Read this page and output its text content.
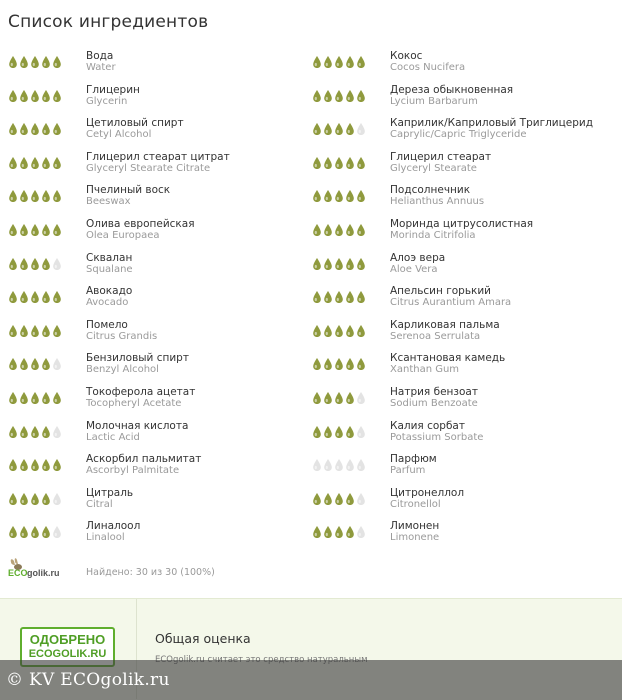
Список ингредиентов
Вода
Water
Глицерин
Glycerin
Цетиловый спирт
Cetyl Alcohol
Глицерил стеарат цитрат
Glyceryl Stearate Citrate
Пчелиный воск
Beeswax
Олива европейская
Olea Europaea
Сквалан
Squalane
Авокадо
Avocado
Помело
Citrus Grandis
Бензиловый спирт
Benzyl Alcohol
Токоферола ацетат
Tocopheryl Acetate
Молочная кислота
Lactic Acid
Аскорбил пальмитат
Ascorbyl Palmitate
Цитраль
Citral
Линалоол
Linalool
Кокос
Cocos Nucifera
Дереза обыкновенная
Lycium Barbarum
Каприлик/Каприловый Триглицерид
Caprylic/Capric Triglyceride
Глицерил стеарат
Glyceryl Stearate
Подсолнечник
Helianthus Annuus
Моринда цитрусолистная
Morinda Citrifolia
Алоэ вера
Aloe Vera
Апельсин горький
Citrus Aurantium Amara
Карликовая пальма
Serenoa Serrulata
Ксантановая камедь
Xanthan Gum
Натрия бензоат
Sodium Benzoate
Калия сорбат
Potassium Sorbate
Парфюм
Parfum
Цитронеллол
Citronellol
Лимонен
Limonene
ECO golik.ru	Найдено: 30 из 30 (100%)
ОДОБРЕНО
ECOGOLIK.RU
Общая оценка
© KV ECOgolik.ru
